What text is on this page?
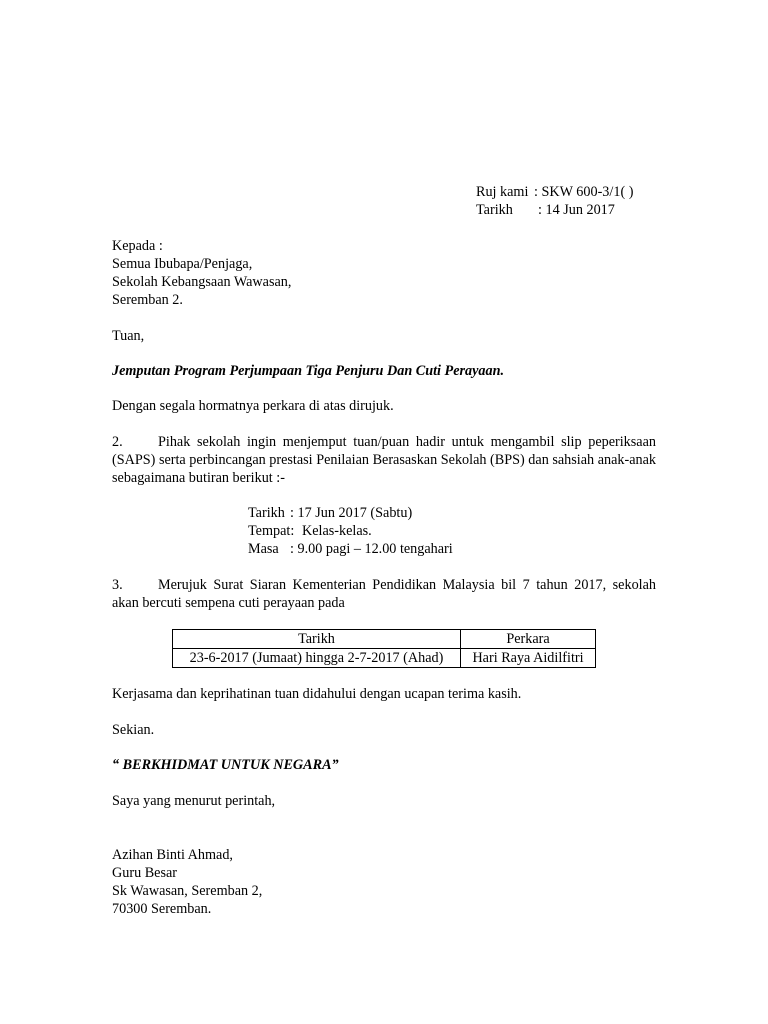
Ruj kami : SKW 600-3/1( )
Tarikh	: 14 Jun 2017
Kepada :
Semua Ibubapa/Penjaga,
Sekolah Kebangsaan Wawasan,
Seremban 2.
Tuan,
Jemputan Program Perjumpaan Tiga Penjuru Dan Cuti Perayaan.
Dengan segala hormatnya perkara di atas dirujuk.
2. Pihak sekolah ingin menjemput tuan/puan hadir untuk mengambil slip peperiksaan (SAPS) serta perbincangan prestasi Penilaian Berasaskan Sekolah (BPS) dan sahsiah anak-anak sebagaimana butiran berikut :-
Tarikh : 17 Jun 2017 (Sabtu)
Tempat: Kelas-kelas.
Masa : 9.00 pagi – 12.00 tengahari
3. Merujuk Surat Siaran Kementerian Pendidikan Malaysia bil 7 tahun 2017, sekolah akan bercuti sempena cuti perayaan pada
Tarikh	Perkara
23-6-2017 (Jumaat) hingga 2-7-2017 (Ahad)	Hari Raya Aidilfitri
Kerjasama dan keprihatinan tuan didahului dengan ucapan terima kasih.
Sekian.
“ BERKHIDMAT UNTUK NEGARA”
Saya yang menurut perintah,
Azihan Binti Ahmad,
Guru Besar
Sk Wawasan, Seremban 2,
70300 Seremban.
